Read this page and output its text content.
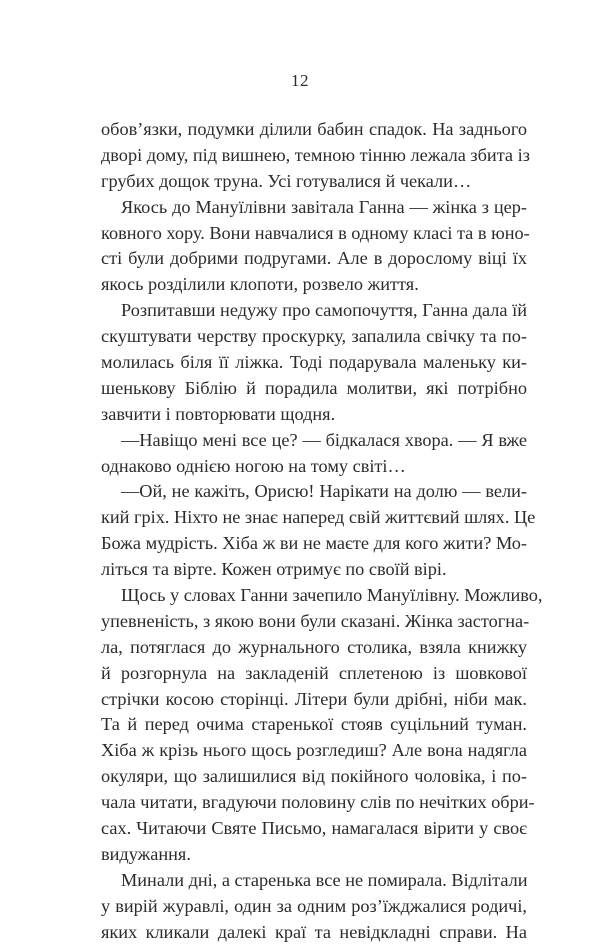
12
обов’язки, подумки ділили бабин спадок. На заднього
дворі дому, під вишнею, темною тінню лежала збита із
грубих дощок труна. Усі готувалися й чекали…
Якось до Мануїлівни завітала Ганна — жінка з цер-
ковного хору. Вони навчалися в одному класі та в юно-
сті були добрими подругами. Але в дорослому віці їх
якось розділили клопоти, розвело життя.
Розпитавши недужу про самопочуття, Ганна дала їй
скуштувати черству проскурку, запалила свічку та по-
молилась біля її ліжка. Тоді подарувала маленьку ки-
шенькову Біблію й порадила молитви, які потрібно
завчити і повторювати щодня.
—Навіщо мені все це? — бідкалася хвора. — Я вже
однаково однією ногою на тому світі…
—Ой, не кажіть, Орисю! Нарікати на долю — вели-
кий гріх. Ніхто не знає наперед свій життєвий шлях. Це
Божа мудрість. Хіба ж ви не маєте для кого жити? Мо-
літься та вірте. Кожен отримує по своїй вірі.
Щось у словах Ганни зачепило Мануїлівну. Можливо,
упевненість, з якою вони були сказані. Жінка застогна-
ла, потяглася до журнального столика, взяла книжку
й розгорнула на закладеній сплетеною із шовкової
стрічки косою сторінці. Літери були дрібні, ніби мак.
Та й перед очима старенької стояв суцільний туман.
Хіба ж крізь нього щось розгледиш? Але вона надягла
окуляри, що залишилися від покійного чоловіка, і по-
чала читати, вгадуючи половину слів по нечітких обри-
сах. Читаючи Святе Письмо, намагалася вірити у своє
видужання.
Минали дні, а старенька все не помирала. Відлітали
у вирій журавлі, один за одним роз’їжджалися родичі,
яких кликали далекі краї та невідкладні справи. На
